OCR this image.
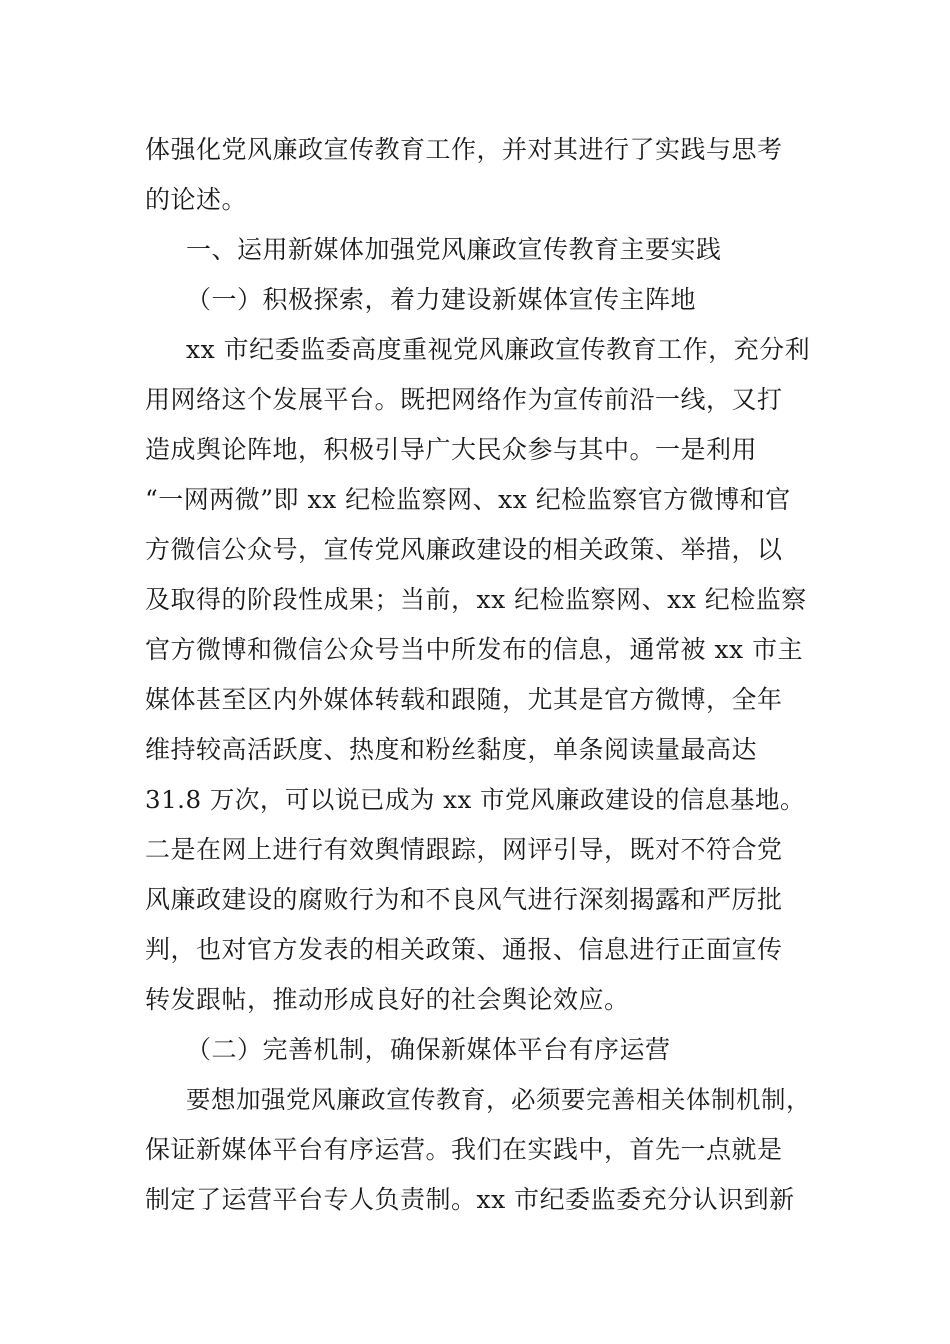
体强化党风廉政宣传教育工作，并对其进行了实践与思考
的论述。
一、运用新媒体加强党风廉政宣传教育主要实践
（一）积极探索，着力建设新媒体宣传主阵地
xx 市纪委监委高度重视党风廉政宣传教育工作，充分利
用网络这个发展平台。既把网络作为宣传前沿一线，又打
造成舆论阵地，积极引导广大民众参与其中。一是利用
“一网两微”即 xx 纪检监察网、xx 纪检监察官方微博和官
方微信公众号，宣传党风廉政建设的相关政策、举措，以
及取得的阶段性成果；当前，xx 纪检监察网、xx 纪检监察
官方微博和微信公众号当中所发布的信息，通常被 xx 市主
媒体甚至区内外媒体转载和跟随，尤其是官方微博，全年
维持较高活跃度、热度和粉丝黏度，单条阅读量最高达
31.8 万次，可以说已成为 xx 市党风廉政建设的信息基地。
二是在网上进行有效舆情跟踪，网评引导，既对不符合党
风廉政建设的腐败行为和不良风气进行深刻揭露和严厉批
判，也对官方发表的相关政策、通报、信息进行正面宣传
转发跟帖，推动形成良好的社会舆论效应。
（二）完善机制，确保新媒体平台有序运营
要想加强党风廉政宣传教育，必须要完善相关体制机制，
保证新媒体平台有序运营。我们在实践中，首先一点就是
制定了运营平台专人负责制。xx 市纪委监委充分认识到新
